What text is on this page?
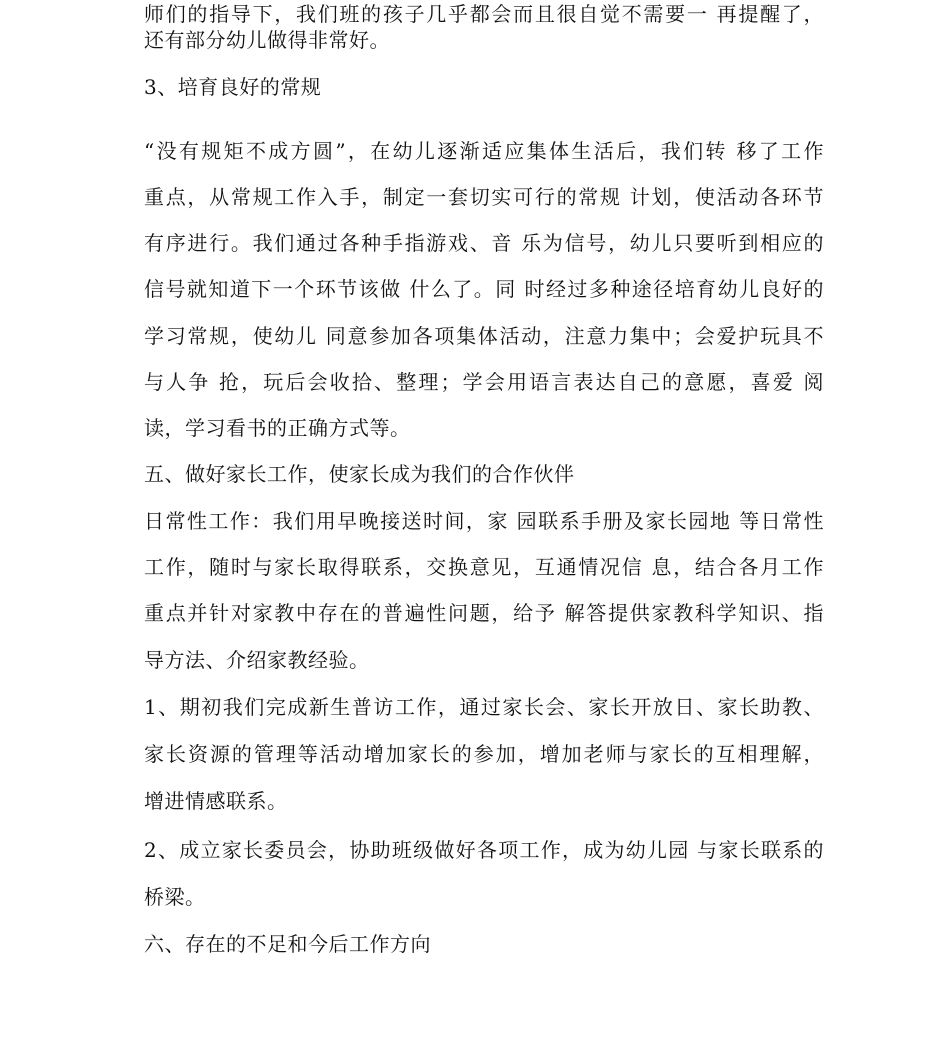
师们的指导下，我们班的孩子几乎都会而且很自觉不需要一 再提醒了，
还有部分幼儿做得非常好。
3、培育良好的常规
“没有规矩不成方圆”，在幼儿逐渐适应集体生活后，我们转 移了工作
重点，从常规工作入手，制定一套切实可行的常规 计划，使活动各环节
有序进行。我们通过各种手指游戏、音 乐为信号，幼儿只要听到相应的
信号就知道下一个环节该做 什么了。同 时经过多种途径培育幼儿良好的
学习常规，使幼儿 同意参加各项集体活动，注意力集中；会爱护玩具不
与人争 抢，玩后会收拾、整理；学会用语言表达自己的意愿，喜爱 阅
读，学习看书的正确方式等。
五、做好家长工作，使家长成为我们的合作伙伴
日常性工作：我们用早晚接送时间，家 园联系手册及家长园地 等日常性
工作，随时与家长取得联系，交换意见，互通情况信 息，结合各月工作
重点并针对家教中存在的普遍性问题，给予 解答提供家教科学知识、指
导方法、介绍家教经验。
1、期初我们完成新生普访工作，通过家长会、家长开放日、家长助教、
家长资源的管理等活动增加家长的参加，增加老师与家长的互相理解，
增进情感联系。
2、成立家长委员会，协助班级做好各项工作，成为幼儿园 与家长联系的
桥梁。
六、存在的不足和今后工作方向
